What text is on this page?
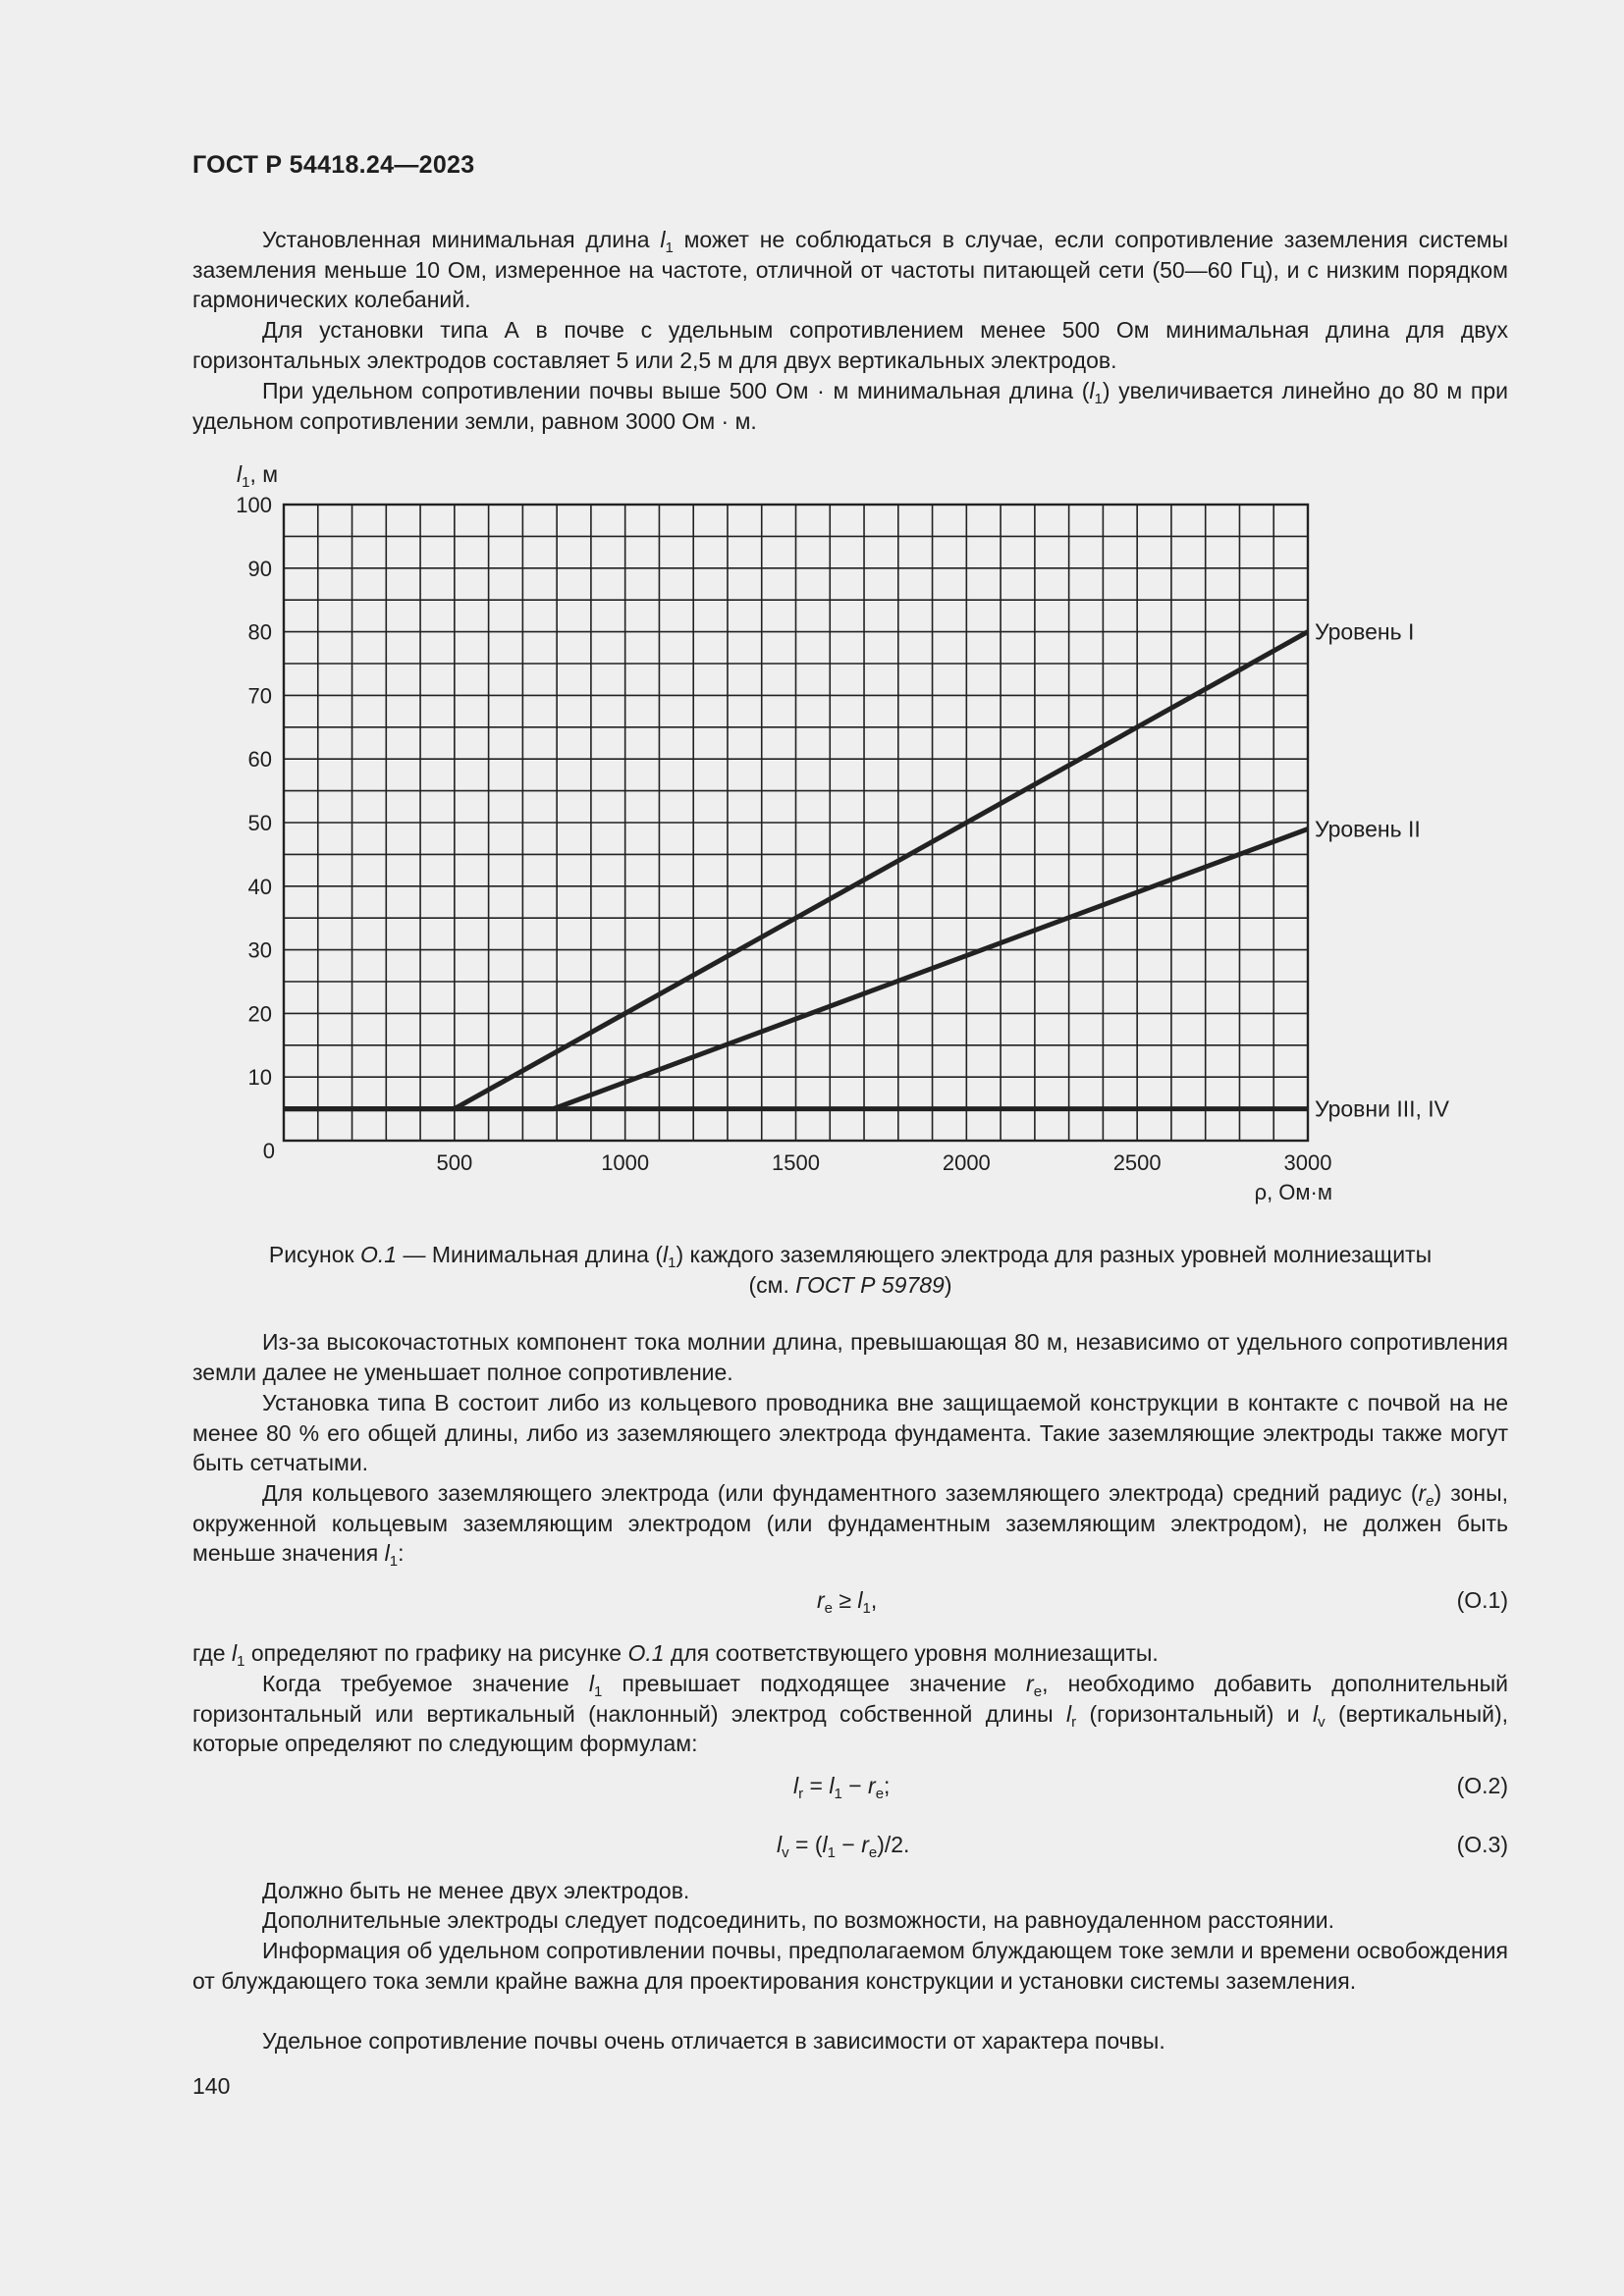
ГОСТ Р 54418.24—2023

Установленная минимальная длина $l_1$ может не соблюдаться в случае, если сопротивление заземления системы заземления меньше 10 Ом, измеренное на частоте, отличной от частоты питающей сети (50—60 Гц), и с низким порядком гармонических колебаний.

Для установки типа А в почве с удельным сопротивлением менее 500 Ом минимальная длина для двух горизонтальных электродов составляет 5 или 2,5 м для двух вертикальных электродов.

При удельном сопротивлении почвы выше 500 Ом · м минимальная длина $(l_1)$ увеличивается линейно до 80 м при удельном сопротивлении земли, равном 3000 Ом · м.

10
20
30
40
50
60
70
80
90
100
0	500	1000	1500	2000	2500	3000
ρ, Ом·м
$l_1$, м
Уровень I
Уровень II
Уровни III, IV
Рисунок О.1 — Минимальная длина $(l_1)$ каждого заземляющего электрода для разных уровней молниезащиты
(см. ГОСТ Р 59789)

Из-за высокочастотных компонент тока молнии длина, превышающая 80 м, независимо от удельного сопротивления земли далее не уменьшает полное сопротивление.

Установка типа В состоит либо из кольцевого проводника вне защищаемой конструкции в контакте с почвой на не менее 80 % его общей длины, либо из заземляющего электрода фундамента. Такие заземляющие электроды также могут быть сетчатыми.

Для кольцевого заземляющего электрода (или фундаментного заземляющего электрода) средний радиус $(r_e)$ зоны, окруженной кольцевым заземляющим электродом (или фундаментным заземляющим электродом), не должен быть меньше значения $l_1$:

$r_e \ge l_1$,	(О.1)

где $l_1$ определяют по графику на рисунке О.1 для соответствующего уровня молниезащиты.

Когда требуемое значение $l_1$ превышает подходящее значение $r_e$, необходимо добавить дополнительный горизонтальный или вертикальный (наклонный) электрод собственной длины $l_r$ (горизонтальный) и $l_v$ (вертикальный), которые определяют по следующим формулам:

$l_r = l_1 - r_e$;	(О.2)
$l_v = (l_1 - r_e)/2$.	(О.3)

Должно быть не менее двух электродов.

Дополнительные электроды следует подсоединить, по возможности, на равноудаленном расстоянии.

Информация об удельном сопротивлении почвы, предполагаемом блуждающем токе земли и времени освобождения от блуждающего тока земли крайне важна для проектирования конструкции и установки системы заземления.

Удельное сопротивление почвы очень отличается в зависимости от характера почвы.

140
